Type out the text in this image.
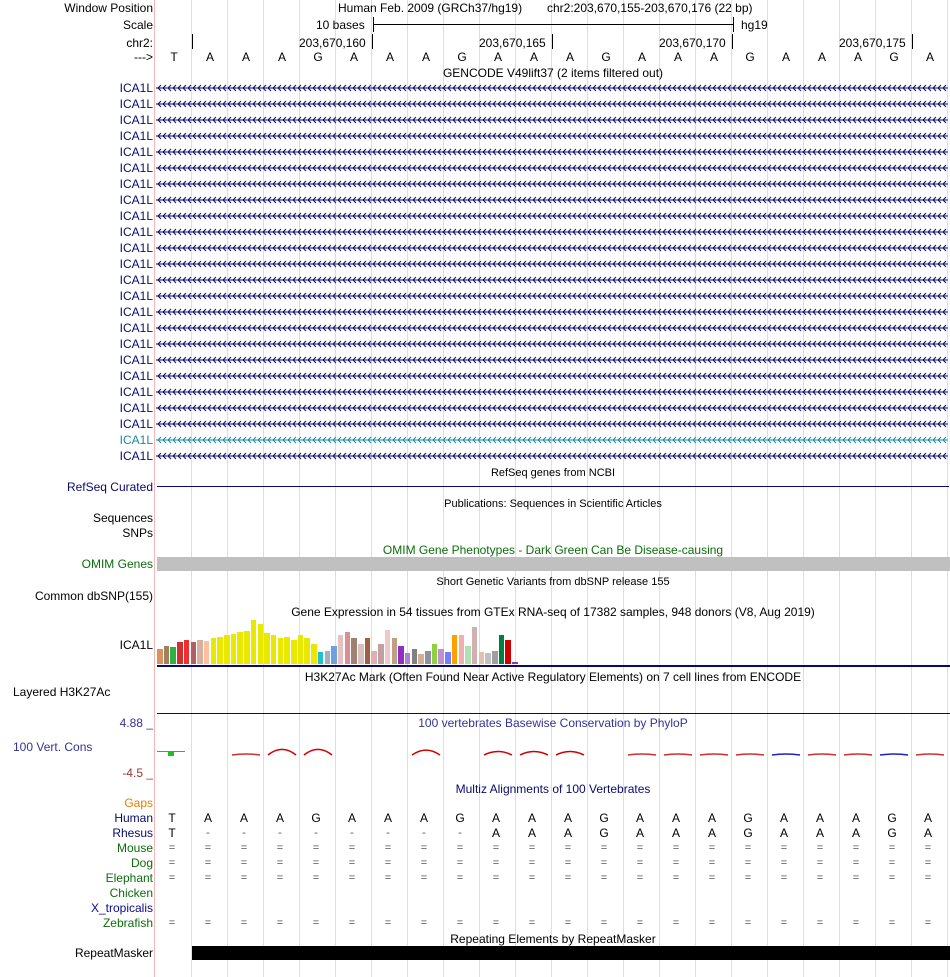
Window Position	Human Feb. 2009 (GRCh37/hg19) chr2:203,670,155-203,670,176 (22 bp)
Scale	10 bases	hg19
chr2:	203,670,160	203,670,165	203,670,170	203,670,175
---> T A A A G A A A G A A A G A A A G A A A G A
GENCODE V49lift37 (2 items filtered out)
ICA1L
ICA1L
ICA1L
ICA1L
ICA1L
ICA1L
ICA1L
ICA1L
ICA1L
ICA1L
ICA1L
ICA1L
ICA1L
ICA1L
ICA1L
ICA1L
ICA1L
ICA1L
ICA1L
ICA1L
ICA1L
ICA1L
ICA1L
ICA1L
RefSeq genes from NCBI
RefSeq Curated
Publications: Sequences in Scientific Articles
Sequences
SNPs
OMIM Gene Phenotypes - Dark Green Can Be Disease-causing
OMIM Genes
Short Genetic Variants from dbSNP release 155
Common dbSNP(155)
Gene Expression in 54 tissues from GTEx RNA-seq of 17382 samples, 948 donors (V8, Aug 2019)
ICA1L
H3K27Ac Mark (Often Found Near Active Regulatory Elements) on 7 cell lines from ENCODE
Layered H3K27Ac
100 vertebrates Basewise Conservation by PhyloP
4.88 _
100 Vert. Cons
-4.5 _
Multiz Alignments of 100 Vertebrates
Gaps
Human T A A A G A A A G A A A G A A A G A A A G A
Rhesus T	-	-	-	-	-	-	-	-	A A A G A A A G A A A G A
Mouse =	=	=	=	=	=	=	=	=	=	=	=	=	=	=	=	=	=	=	=	=	=
Dog =	=	=	=	=	=	=	=	=	=	=	=	=	=	=	=	=	=	=	=	=	=
Elephant =	=	=	=	=	=	=	=	=	=	=	=	=	=	=	=	=	=	=	=	=	=
Chicken
X_tropicalis
Zebrafish =	=	=	=	=	=	=	=	=	=	=	=	=	=	=	=	=	=	=	=	=	=
Repeating Elements by RepeatMasker
RepeatMasker
